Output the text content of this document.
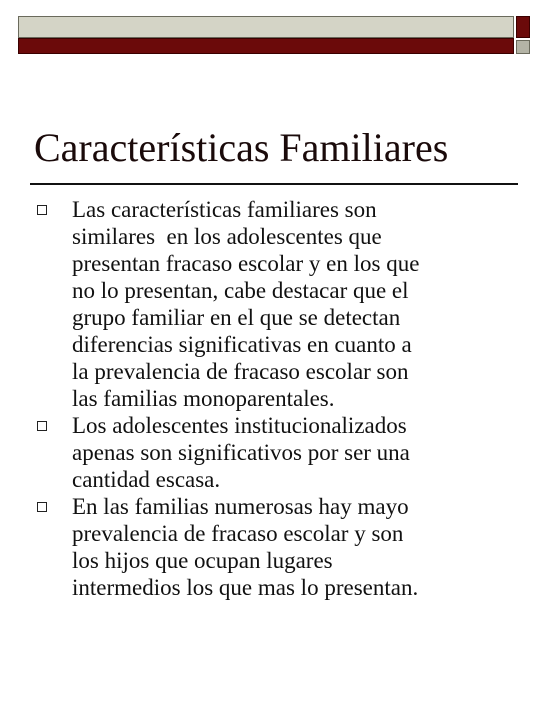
Características Familiares
Las características familiares son
similares  en los adolescentes que
presentan fracaso escolar y en los que
no lo presentan, cabe destacar que el
grupo familiar en el que se detectan
diferencias significativas en cuanto a
la prevalencia de fracaso escolar son
las familias monoparentales.
Los adolescentes institucionalizados
apenas son significativos por ser una
cantidad escasa.
En las familias numerosas hay mayo
prevalencia de fracaso escolar y son
los hijos que ocupan lugares
intermedios los que mas lo presentan.
